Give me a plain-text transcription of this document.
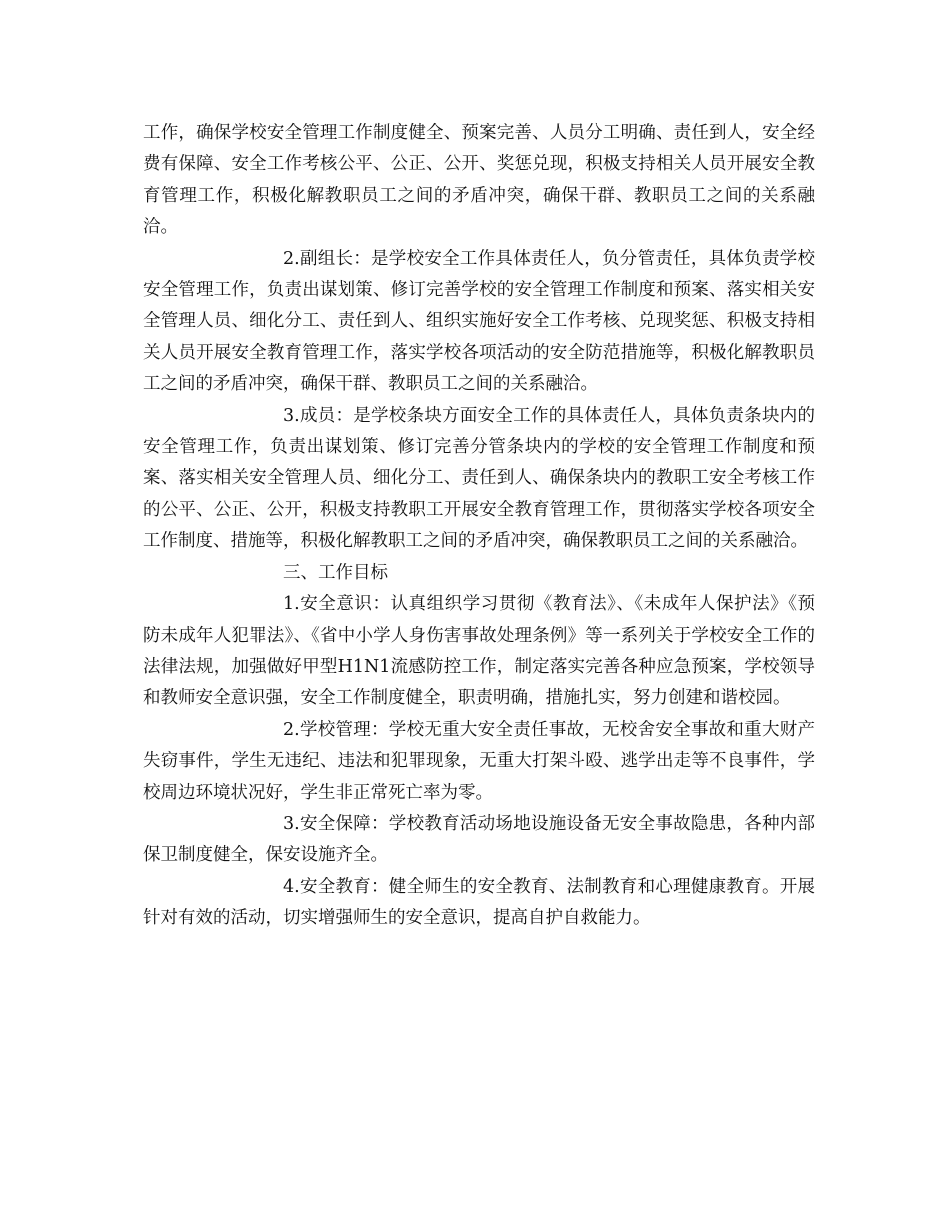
工作，确保学校安全管理工作制度健全、预案完善、人员分工明确、责任到人，安全经费有保障、安全工作考核公平、公正、公开、奖惩兑现，积极支持相关人员开展安全教育管理工作，积极化解教职员工之间的矛盾冲突，确保干群、教职员工之间的关系融洽。

2.副组长：是学校安全工作具体责任人，负分管责任，具体负责学校安全管理工作，负责出谋划策、修订完善学校的安全管理工作制度和预案、落实相关安全管理人员、细化分工、责任到人、组织实施好安全工作考核、兑现奖惩、积极支持相关人员开展安全教育管理工作，落实学校各项活动的安全防范措施等，积极化解教职员工之间的矛盾冲突，确保干群、教职员工之间的关系融洽。

3.成员：是学校条块方面安全工作的具体责任人，具体负责条块内的安全管理工作，负责出谋划策、修订完善分管条块内的学校的安全管理工作制度和预案、落实相关安全管理人员、细化分工、责任到人、确保条块内的教职工安全考核工作的公平、公正、公开，积极支持教职工开展安全教育管理工作，贯彻落实学校各项安全工作制度、措施等，积极化解教职工之间的矛盾冲突，确保教职员工之间的关系融洽。

三、工作目标

1.安全意识：认真组织学习贯彻《教育法》、《未成年人保护法》《预防未成年人犯罪法》、《省中小学人身伤害事故处理条例》等一系列关于学校安全工作的法律法规，加强做好甲型H1N1流感防控工作，制定落实完善各种应急预案，学校领导和教师安全意识强，安全工作制度健全，职责明确，措施扎实，努力创建和谐校园。

2.学校管理：学校无重大安全责任事故，无校舍安全事故和重大财产失窃事件，学生无违纪、违法和犯罪现象，无重大打架斗殴、逃学出走等不良事件，学校周边环境状况好，学生非正常死亡率为零。

3.安全保障：学校教育活动场地设施设备无安全事故隐患，各种内部保卫制度健全，保安设施齐全。

4.安全教育：健全师生的安全教育、法制教育和心理健康教育。开展针对有效的活动，切实增强师生的安全意识，提高自护自救能力。
